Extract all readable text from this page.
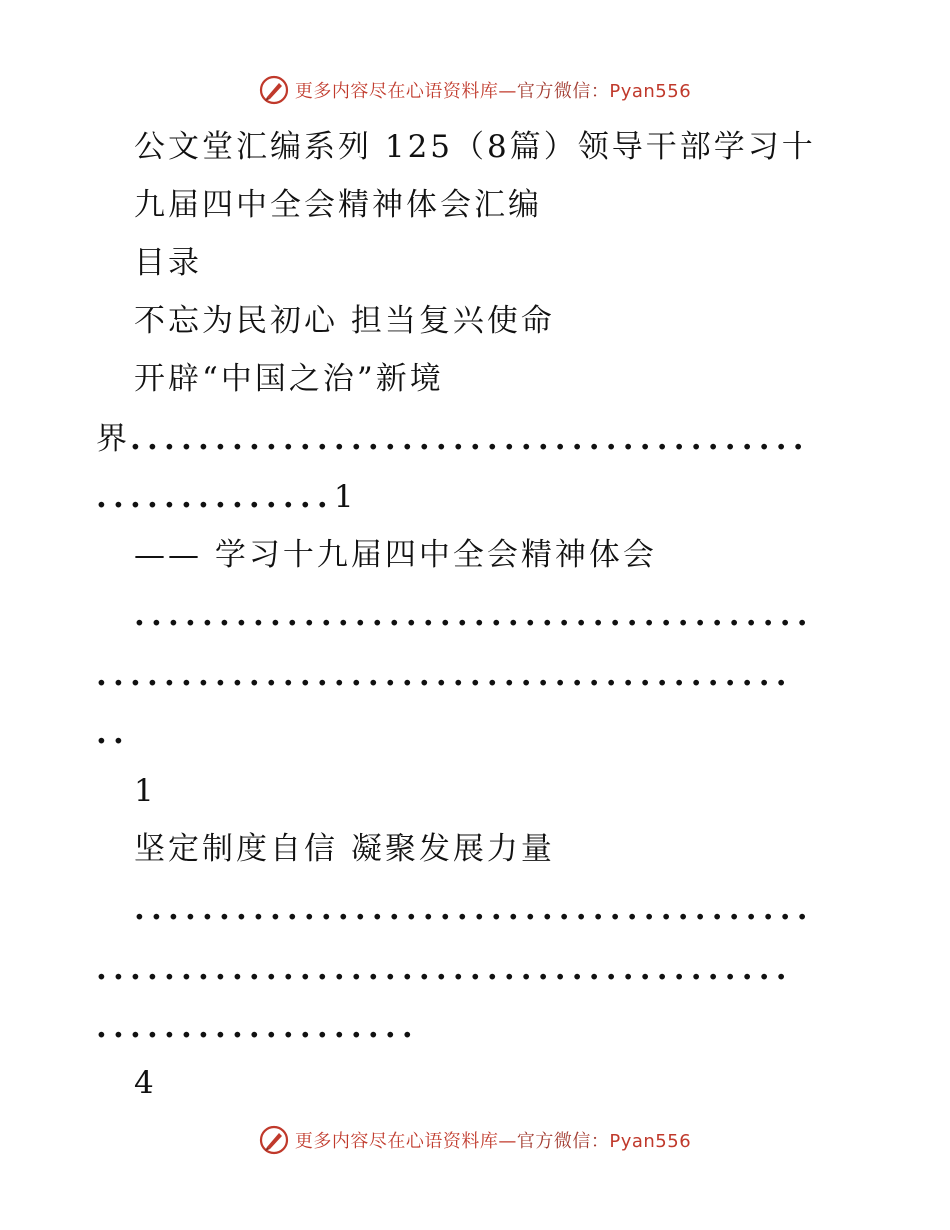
更多内容尽在心语资料库—官方微信：Pyan556
公文堂汇编系列 125（8篇）领导干部学习十
九届四中全会精神体会汇编
目录
不忘为民初心 担当复兴使命
开辟“中国之治”新境
界........................................
..............1
—— 学习十九届四中全会精神体会
........................................
.........................................
..
1
坚定制度自信 凝聚发展力量
........................................
.........................................
...................
4
更多内容尽在心语资料库—官方微信：Pyan556
